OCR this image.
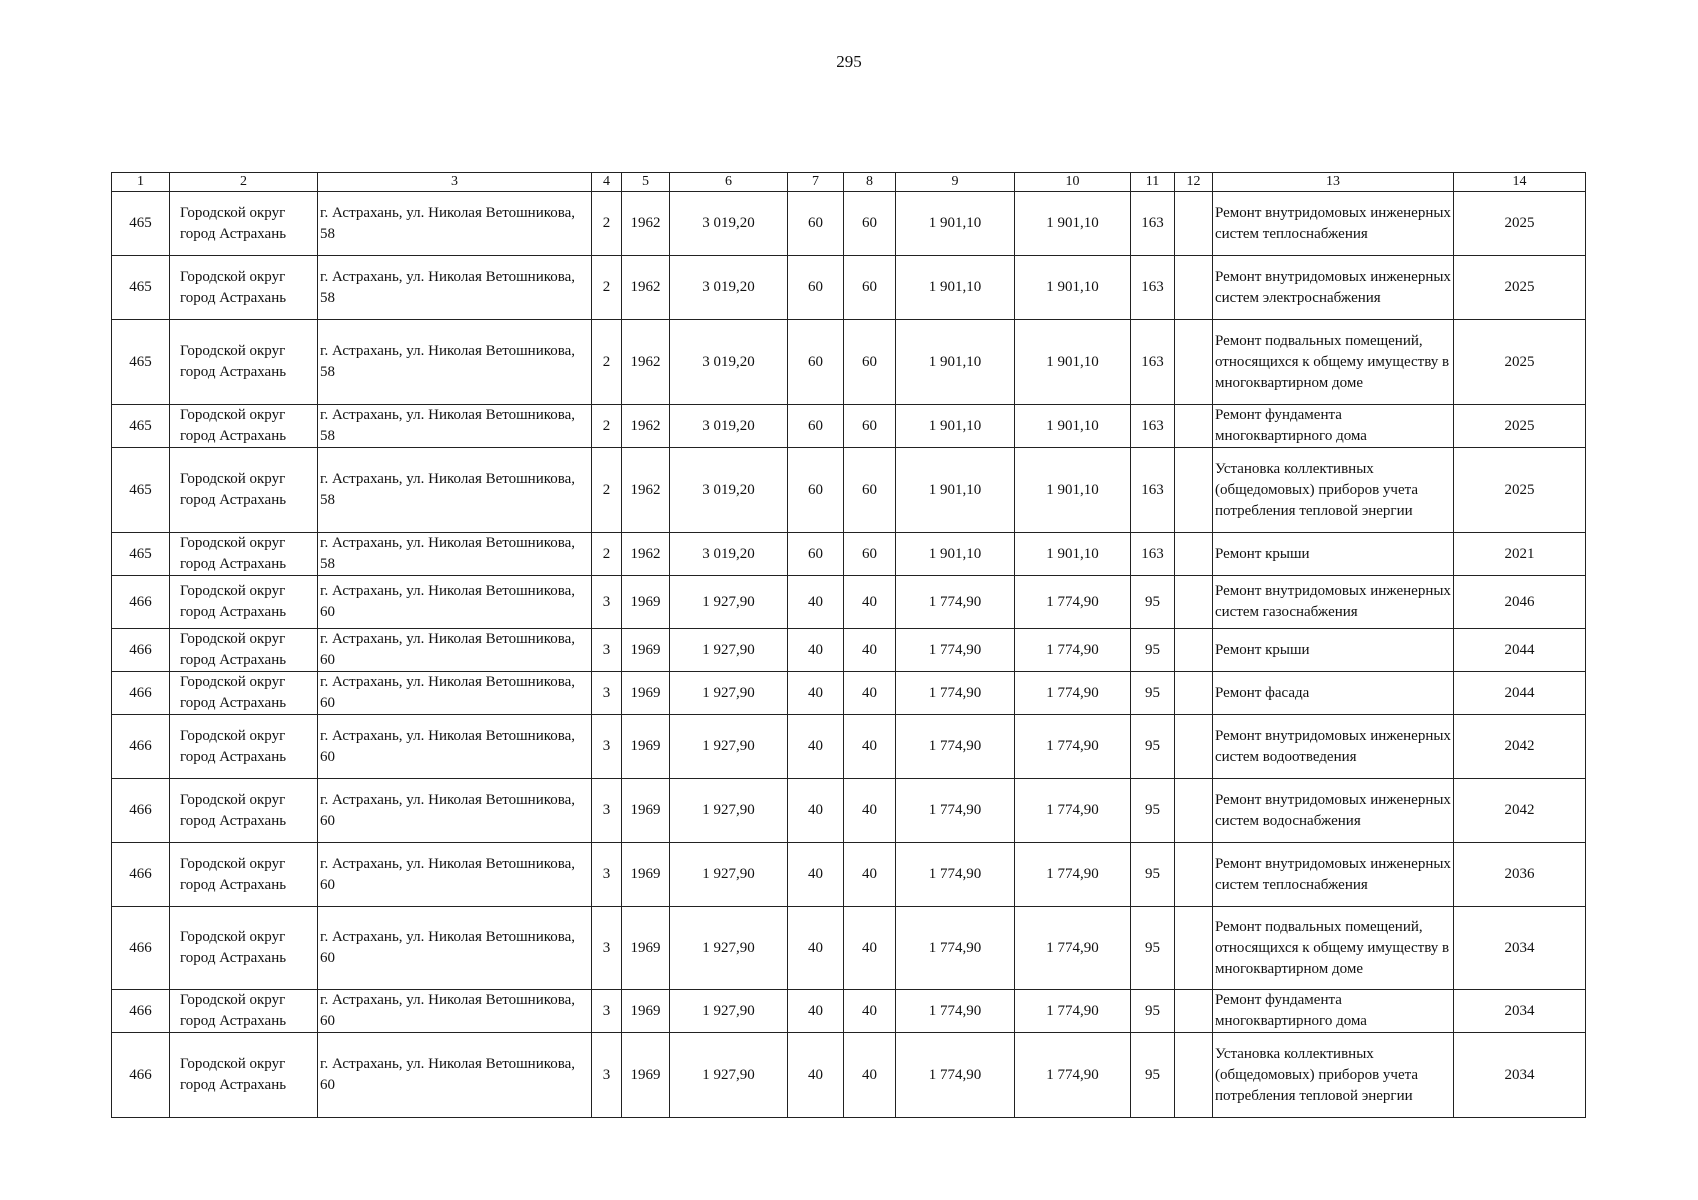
295
1	2	3	4	5	6	7	8	9	10	11	12	13	14
465	Городской округ город Астрахань	г. Астрахань, ул. Николая Ветошникова, 58	2	1962	3 019,20	60	60	1 901,10	1 901,10	163		Ремонт внутридомовых инженерных систем теплоснабжения	2025
465	Городской округ город Астрахань	г. Астрахань, ул. Николая Ветошникова, 58	2	1962	3 019,20	60	60	1 901,10	1 901,10	163		Ремонт внутридомовых инженерных систем электроснабжения	2025
465	Городской округ город Астрахань	г. Астрахань, ул. Николая Ветошникова, 58	2	1962	3 019,20	60	60	1 901,10	1 901,10	163		Ремонт подвальных помещений, относящихся к общему имуществу в многоквартирном доме	2025
465	Городской округ город Астрахань	г. Астрахань, ул. Николая Ветошникова, 58	2	1962	3 019,20	60	60	1 901,10	1 901,10	163		Ремонт фундамента многоквартирного дома	2025
465	Городской округ город Астрахань	г. Астрахань, ул. Николая Ветошникова, 58	2	1962	3 019,20	60	60	1 901,10	1 901,10	163		Установка коллективных (общедомовых) приборов учета потребления тепловой энергии	2025
465	Городской округ город Астрахань	г. Астрахань, ул. Николая Ветошникова, 58	2	1962	3 019,20	60	60	1 901,10	1 901,10	163		Ремонт крыши	2021
466	Городской округ город Астрахань	г. Астрахань, ул. Николая Ветошникова, 60	3	1969	1 927,90	40	40	1 774,90	1 774,90	95		Ремонт внутридомовых инженерных систем газоснабжения	2046
466	Городской округ город Астрахань	г. Астрахань, ул. Николая Ветошникова, 60	3	1969	1 927,90	40	40	1 774,90	1 774,90	95		Ремонт крыши	2044
466	Городской округ город Астрахань	г. Астрахань, ул. Николая Ветошникова, 60	3	1969	1 927,90	40	40	1 774,90	1 774,90	95		Ремонт фасада	2044
466	Городской округ город Астрахань	г. Астрахань, ул. Николая Ветошникова, 60	3	1969	1 927,90	40	40	1 774,90	1 774,90	95		Ремонт внутридомовых инженерных систем водоотведения	2042
466	Городской округ город Астрахань	г. Астрахань, ул. Николая Ветошникова, 60	3	1969	1 927,90	40	40	1 774,90	1 774,90	95		Ремонт внутридомовых инженерных систем водоснабжения	2042
466	Городской округ город Астрахань	г. Астрахань, ул. Николая Ветошникова, 60	3	1969	1 927,90	40	40	1 774,90	1 774,90	95		Ремонт внутридомовых инженерных систем теплоснабжения	2036
466	Городской округ город Астрахань	г. Астрахань, ул. Николая Ветошникова, 60	3	1969	1 927,90	40	40	1 774,90	1 774,90	95		Ремонт подвальных помещений, относящихся к общему имуществу в многоквартирном доме	2034
466	Городской округ город Астрахань	г. Астрахань, ул. Николая Ветошникова, 60	3	1969	1 927,90	40	40	1 774,90	1 774,90	95		Ремонт фундамента многоквартирного дома	2034
466	Городской округ город Астрахань	г. Астрахань, ул. Николая Ветошникова, 60	3	1969	1 927,90	40	40	1 774,90	1 774,90	95		Установка коллективных (общедомовых) приборов учета потребления тепловой энергии	2034
